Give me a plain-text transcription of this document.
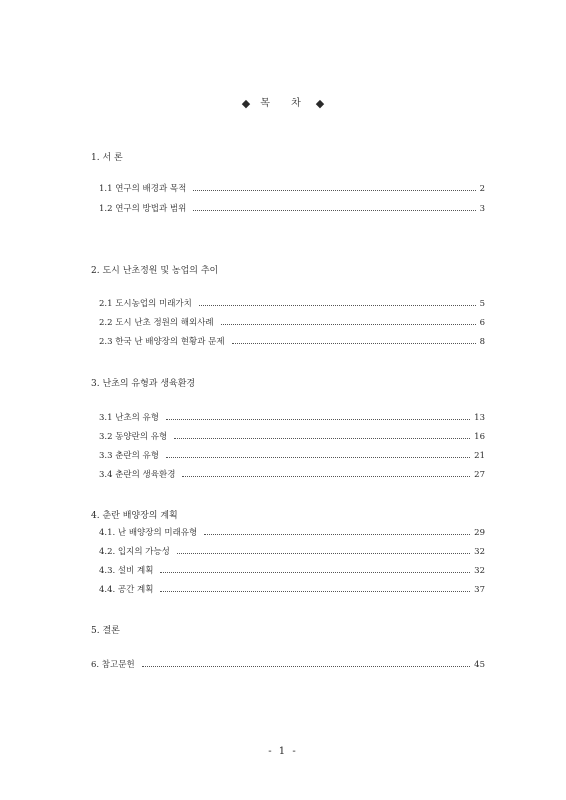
◆ 목 차 ◆
1. 서 론
1.1 연구의 배경과 목적	2
1.2 연구의 방법과 범위	3
2. 도시 난초정원 및 농업의 추이
2.1 도시농업의 미래가치	5
2.2 도시 난초 정원의 해외사례	6
2.3 한국 난 배양장의 현황과 문제	8
3. 난초의 유형과 생육환경
3.1 난초의 유형	13
3.2 동양란의 유형	16
3.3 춘란의 유형	21
3.4 춘란의 생육환경	27
4. 춘란 배양장의 계획
4.1. 난 배양장의 미래유형	29
4.2. 입지의 가능성	32
4.3. 설비 계획	32
4.4. 공간 계획	37
5. 결론
6. 참고문헌	45
- 1 -
